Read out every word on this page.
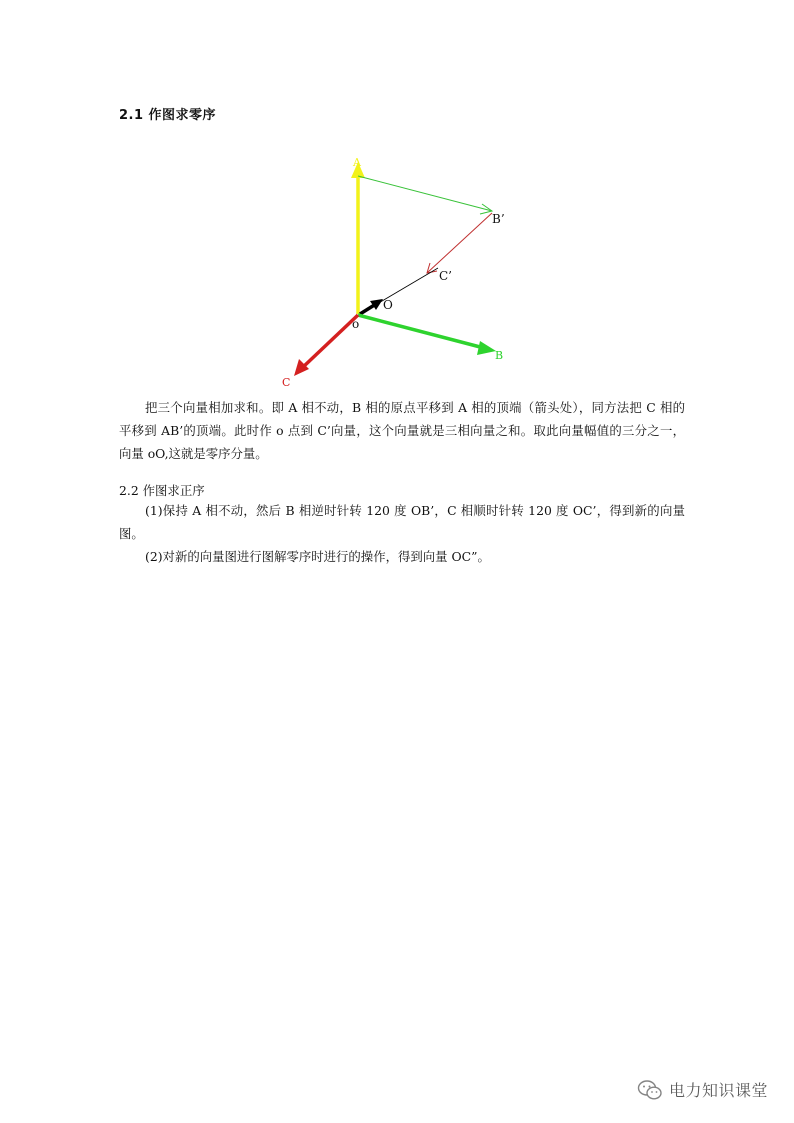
2.1 作图求零序
A
B’
C’
O
o
B
C

把三个向量相加求和。即 A 相不动，B 相的原点平移到 A 相的顶端（箭头处），同方法把 C 相的平移到 AB’的顶端。此时作 o 点到 C’向量，这个向量就是三相向量之和。取此向量幅值的三分之一，向量 oO,这就是零序分量。

2.2 作图求正序

(1)保持 A 相不动，然后 B 相逆时针转 120 度 OB’，C 相顺时针转 120 度 OC’，得到新的向量图。

(2)对新的向量图进行图解零序时进行的操作，得到向量 OC”。

电力知识课堂
